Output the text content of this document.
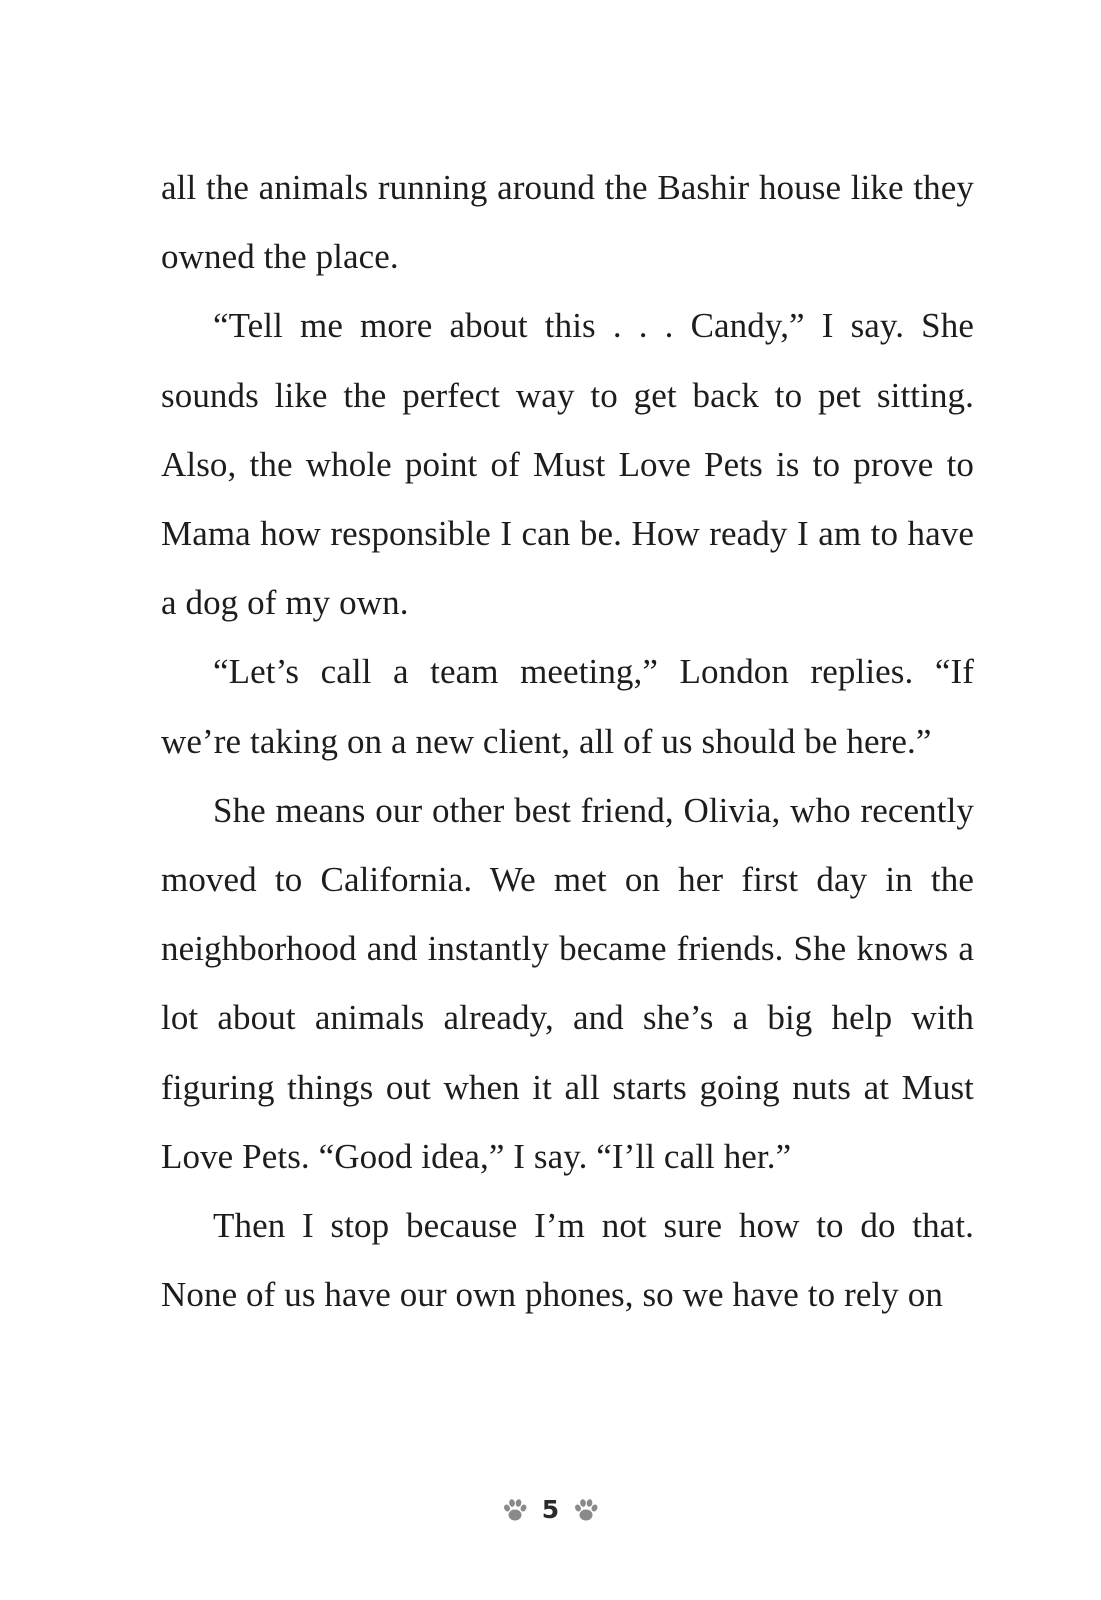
all the animals running around the Bashir house like they owned the place.

“Tell me more about this . . . Candy,” I say. She sounds like the perfect way to get back to pet sitting. Also, the whole point of Must Love Pets is to prove to Mama how responsible I can be. How ready I am to have a dog of my own.

“Let’s call a team meeting,” London replies. “If we’re taking on a new client, all of us should be here.”

She means our other best friend, Olivia, who recently moved to California. We met on her first day in the neighborhood and instantly became friends. She knows a lot about animals already, and she’s a big help with figuring things out when it all starts going nuts at Must Love Pets. “Good idea,” I say. “I’ll call her.”

Then I stop because I’m not sure how to do that. None of us have our own phones, so we have to rely on

5
